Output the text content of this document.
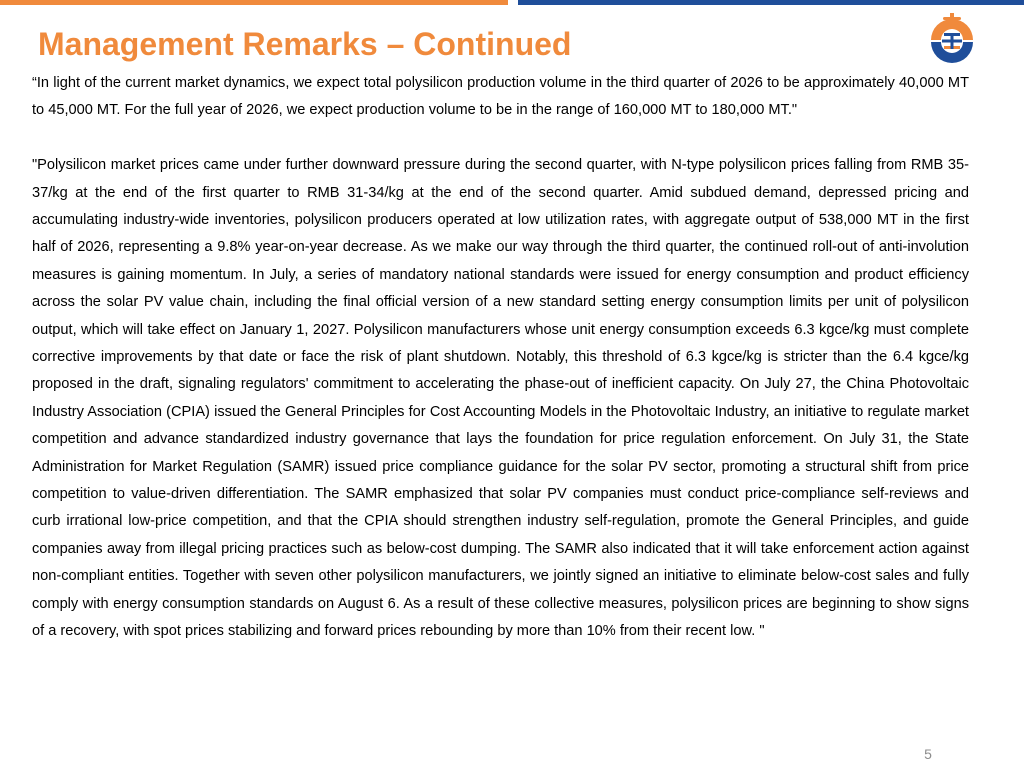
Management Remarks – Continued

“In light of the current market dynamics, we expect total polysilicon production volume in the third quarter of 2026 to be approximately 40,000 MT to 45,000 MT. For the full year of 2026, we expect production volume to be in the range of 160,000 MT to 180,000 MT."

"Polysilicon market prices came under further downward pressure during the second quarter, with N-type polysilicon prices falling from RMB 35-37/kg at the end of the first quarter to RMB 31-34/kg at the end of the second quarter. Amid subdued demand, depressed pricing and accumulating industry-wide inventories, polysilicon producers operated at low utilization rates, with aggregate output of 538,000 MT in the first half of 2026, representing a 9.8% year-on-year decrease. As we make our way through the third quarter, the continued roll-out of anti-involution measures is gaining momentum. In July, a series of mandatory national standards were issued for energy consumption and product efficiency across the solar PV value chain, including the final official version of a new standard setting energy consumption limits per unit of polysilicon output, which will take effect on January 1, 2027. Polysilicon manufacturers whose unit energy consumption exceeds 6.3 kgce/kg must complete corrective improvements by that date or face the risk of plant shutdown. Notably, this threshold of 6.3 kgce/kg is stricter than the 6.4 kgce/kg proposed in the draft, signaling regulators' commitment to accelerating the phase-out of inefficient capacity. On July 27, the China Photovoltaic Industry Association (CPIA) issued the General Principles for Cost Accounting Models in the Photovoltaic Industry, an initiative to regulate market competition and advance standardized industry governance that lays the foundation for price regulation enforcement. On July 31, the State Administration for Market Regulation (SAMR) issued price compliance guidance for the solar PV sector, promoting a structural shift from price competition to value-driven differentiation. The SAMR emphasized that solar PV companies must conduct price-compliance self-reviews and curb irrational low-price competition, and that the CPIA should strengthen industry self-regulation, promote the General Principles, and guide companies away from illegal pricing practices such as below-cost dumping. The SAMR also indicated that it will take enforcement action against non-compliant entities. Together with seven other polysilicon manufacturers, we jointly signed an initiative to eliminate below-cost sales and fully comply with energy consumption standards on August 6. As a result of these collective measures, polysilicon prices are beginning to show signs of a recovery, with spot prices stabilizing and forward prices rebounding by more than 10% from their recent low. "

5
